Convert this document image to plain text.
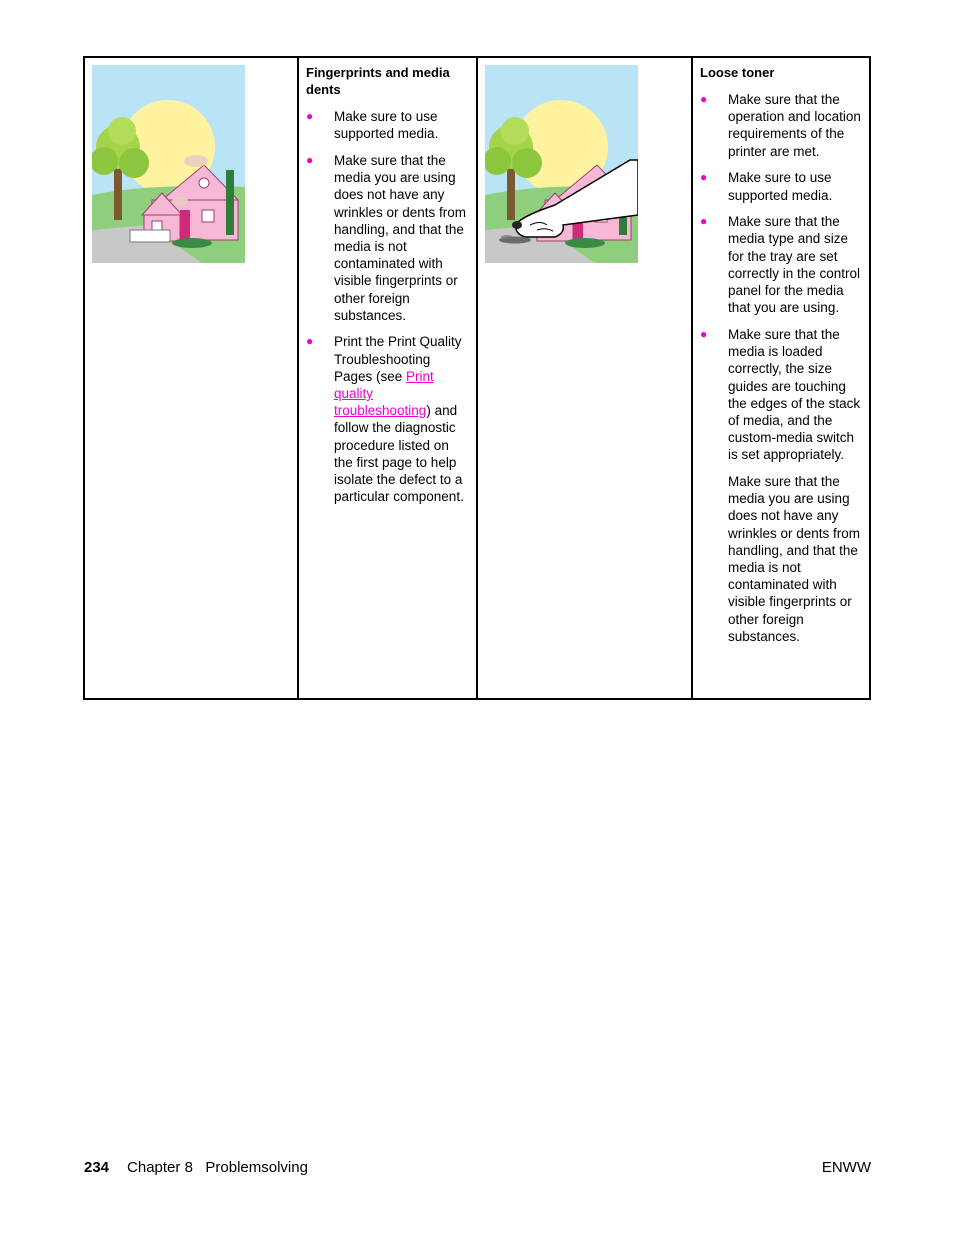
Fingerprints and media dents
● Make sure to use supported media.
● Make sure that the media you are using does not have any wrinkles or dents from handling, and that the media is not contaminated with visible fingerprints or other foreign substances.
● Print the Print Quality Troubleshooting Pages (see Print quality troubleshooting) and follow the diagnostic procedure listed on the first page to help isolate the defect to a particular component.
Loose toner
● Make sure that the operation and location requirements of the printer are met.
● Make sure to use supported media.
● Make sure that the media type and size for the tray are set correctly in the control panel for the media that you are using.
● Make sure that the media is loaded correctly, the size guides are touching the edges of the stack of media, and the custom-media switch is set appropriately.

Make sure that the media you are using does not have any wrinkles or dents from handling, and that the media is not contaminated with visible fingerprints or other foreign substances.

234 Chapter 8   Problemsolving	ENWW
